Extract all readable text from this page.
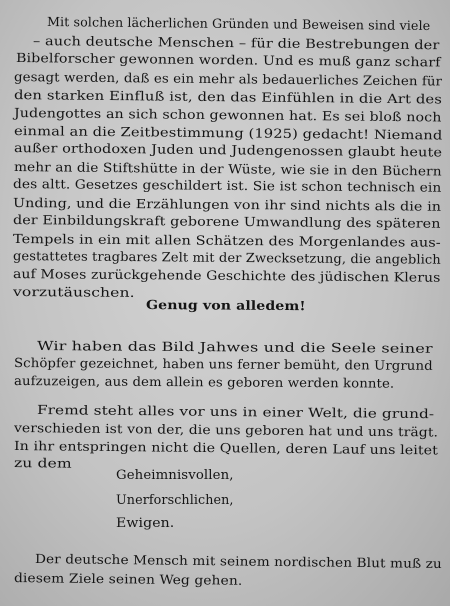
Mit solchen lächerlichen Gründen und Beweisen sind viele

– auch deutsche Menschen – für die Bestrebungen der

Bibelforscher gewonnen worden. Und es muß ganz scharf

gesagt werden, daß es ein mehr als bedauerliches Zeichen für

den starken Einfluß ist, den das Einfühlen in die Art des

Judengottes an sich schon gewonnen hat. Es sei bloß noch

einmal an die Zeitbestimmung (1925) gedacht! Niemand

außer orthodoxen Juden und Judengenossen glaubt heute

mehr an die Stiftshütte in der Wüste, wie sie in den Büchern

des altt. Gesetzes geschildert ist. Sie ist schon technisch ein

Unding, und die Erzählungen von ihr sind nichts als die in

der Einbildungskraft geborene Umwandlung des späteren

Tempels in ein mit allen Schätzen des Morgenlandes aus-

gestattetes tragbares Zelt mit der Zwecksetzung, die angeblich

auf Moses zurückgehende Geschichte des jüdischen Klerus

vorzutäuschen.

Genug von alledem!

Wir haben das Bild Jahwes und die Seele seiner

Schöpfer gezeichnet, haben uns ferner bemüht, den Urgrund

aufzuzeigen, aus dem allein es geboren werden konnte.

Fremd steht alles vor uns in einer Welt, die grund-

verschieden ist von der, die uns geboren hat und uns trägt.

In ihr entspringen nicht die Quellen, deren Lauf uns leitet

zu dem

Geheimnisvollen,

Unerforschlichen,

Ewigen.

Der deutsche Mensch mit seinem nordischen Blut muß zu

diesem Ziele seinen Weg gehen.
